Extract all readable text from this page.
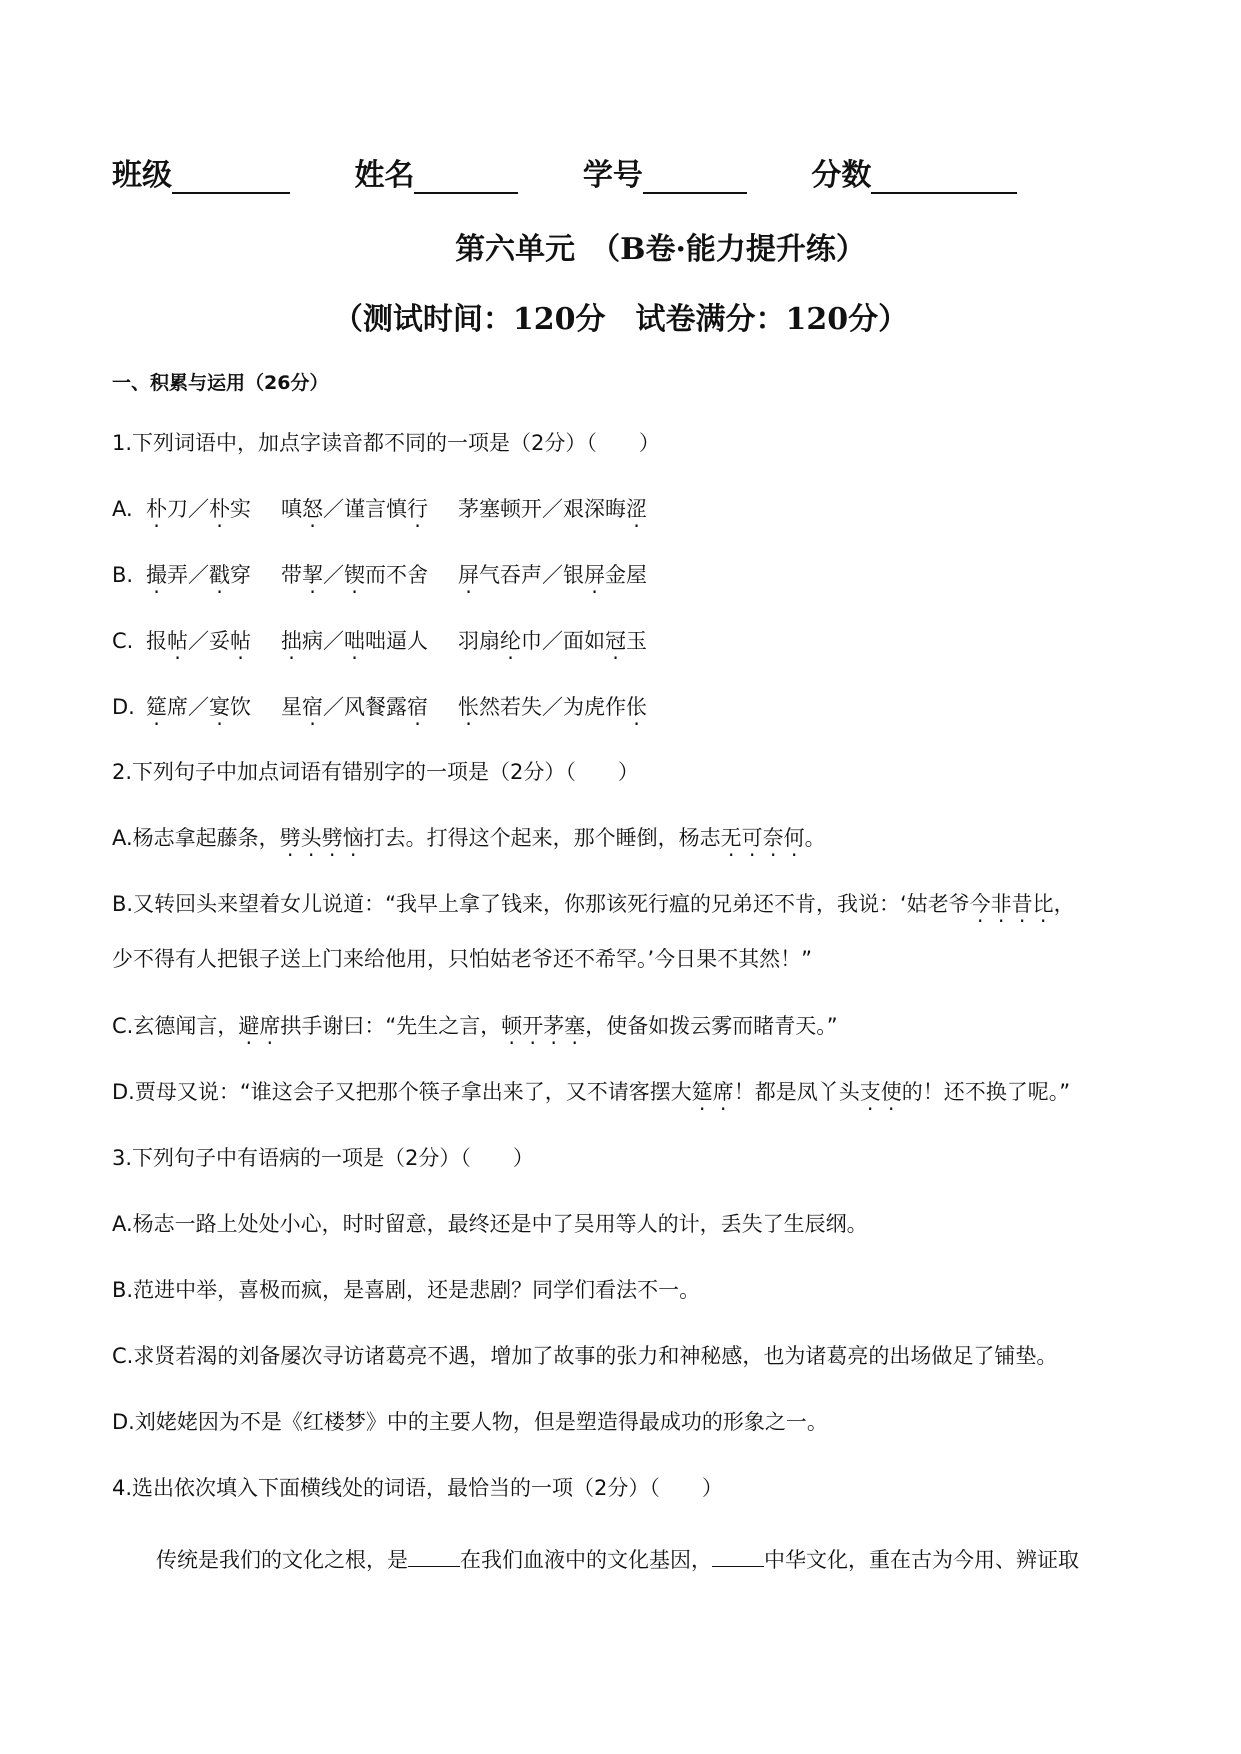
班级	姓名	学号	分数
第六单元　（B卷·能力提升练）
（测试时间：120分　试卷满分：120分）
一、积累与运用（26分）
1.下列词语中，加点字读音都不同的一项是（2分）（　　）
A. 朴刀／朴实 嗔怒／谨言慎行 茅塞顿开／艰深晦涩
B. 撮弄／戳穿 带挈／锲而不舍 屏气吞声／银屏金屋
C. 报帖／妥帖 拙病／咄咄逼人 羽扇纶巾／面如冠玉
D. 筵席／宴饮 星宿／风餐露宿 怅然若失／为虎作伥
2.下列句子中加点词语有错别字的一项是（2分）（　　）
A.杨志拿起藤条，劈头劈恼打去。打得这个起来，那个睡倒，杨志无可奈何。
B.又转回头来望着女儿说道：“我早上拿了钱来，你那该死行瘟的兄弟还不肯，我说：‘姑老爷今非昔比，
少不得有人把银子送上门来给他用，只怕姑老爷还不希罕。’今日果不其然！”
C.玄德闻言，避席拱手谢曰：“先生之言，顿开茅塞，使备如拨云雾而睹青天。”
D.贾母又说：“谁这会子又把那个筷子拿出来了，又不请客摆大筵席！都是凤丫头支使的！还不换了呢。”
3.下列句子中有语病的一项是（2分）（　　）
A.杨志一路上处处小心，时时留意，最终还是中了吴用等人的计，丢失了生辰纲。
B.范进中举，喜极而疯，是喜剧，还是悲剧？同学们看法不一。
C.求贤若渴的刘备屡次寻访诸葛亮不遇，增加了故事的张力和神秘感，也为诸葛亮的出场做足了铺垫。
D.刘姥姥因为不是《红楼梦》中的主要人物，但是塑造得最成功的形象之一。
4.选出依次填入下面横线处的词语，最恰当的一项（2分）（　　）
传统是我们的文化之根，是 在我们血液中的文化基因， 中华文化，重在古为今用、辨证取
